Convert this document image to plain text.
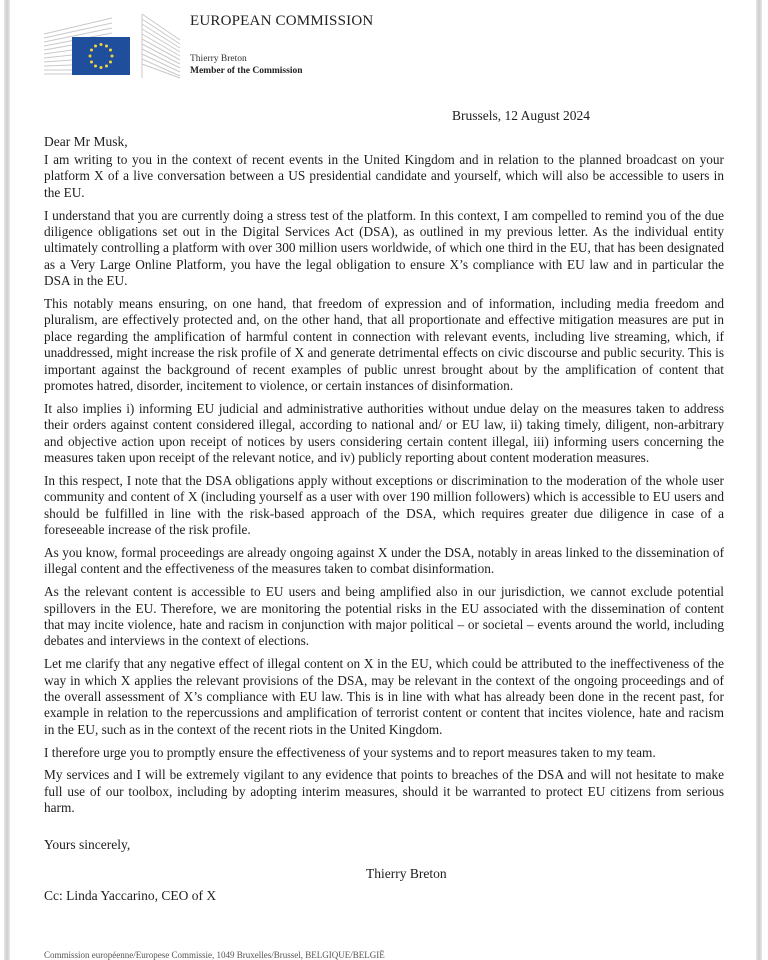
EUROPEAN COMMISSION
Thierry Breton
Member of the Commission
Brussels, 12 August 2024
Dear Mr Musk,

I am writing to you in the context of recent events in the United Kingdom and in relation to the planned broadcast on your platform X of a live conversation between a US presidential candidate and yourself, which will also be accessible to users in the EU.

I understand that you are currently doing a stress test of the platform. In this context, I am compelled to remind you of the due diligence obligations set out in the Digital Services Act (DSA), as outlined in my previous letter. As the individual entity ultimately controlling a platform with over 300 million users worldwide, of which one third in the EU, that has been designated as a Very Large Online Platform, you have the legal obligation to ensure X’s compliance with EU law and in particular the DSA in the EU.

This notably means ensuring, on one hand, that freedom of expression and of information, including media freedom and pluralism, are effectively protected and, on the other hand, that all proportionate and effective mitigation measures are put in place regarding the amplification of harmful content in connection with relevant events, including live streaming, which, if unaddressed, might increase the risk profile of X and generate detrimental effects on civic discourse and public security. This is important against the background of recent examples of public unrest brought about by the amplification of content that promotes hatred, disorder, incitement to violence, or certain instances of disinformation.

It also implies i) informing EU judicial and administrative authorities without undue delay on the measures taken to address their orders against content considered illegal, according to national and/ or EU law, ii) taking timely, diligent, non-arbitrary and objective action upon receipt of notices by users considering certain content illegal, iii) informing users concerning the measures taken upon receipt of the relevant notice, and iv) publicly reporting about content moderation measures.

In this respect, I note that the DSA obligations apply without exceptions or discrimination to the moderation of the whole user community and content of X (including yourself as a user with over 190 million followers) which is accessible to EU users and should be fulfilled in line with the risk-based approach of the DSA, which requires greater due diligence in case of a foreseeable increase of the risk profile.

As you know, formal proceedings are already ongoing against X under the DSA, notably in areas linked to the dissemination of illegal content and the effectiveness of the measures taken to combat disinformation.

As the relevant content is accessible to EU users and being amplified also in our jurisdiction, we cannot exclude potential spillovers in the EU. Therefore, we are monitoring the potential risks in the EU associated with the dissemination of content that may incite violence, hate and racism in conjunction with major political – or societal – events around the world, including debates and interviews in the context of elections.

Let me clarify that any negative effect of illegal content on X in the EU, which could be attributed to the ineffectiveness of the way in which X applies the relevant provisions of the DSA, may be relevant in the context of the ongoing proceedings and of the overall assessment of X’s compliance with EU law. This is in line with what has already been done in the recent past, for example in relation to the repercussions and amplification of terrorist content or content that incites violence, hate and racism in the EU, such as in the context of the recent riots in the United Kingdom.

I therefore urge you to promptly ensure the effectiveness of your systems and to report measures taken to my team.

My services and I will be extremely vigilant to any evidence that points to breaches of the DSA and will not hesitate to make full use of our toolbox, including by adopting interim measures, should it be warranted to protect EU citizens from serious harm.

Yours sincerely,
Thierry Breton
Cc: Linda Yaccarino, CEO of X
Commission européenne/Europese Commissie, 1049 Bruxelles/Brussel, BELGIQUE/BELGIË
